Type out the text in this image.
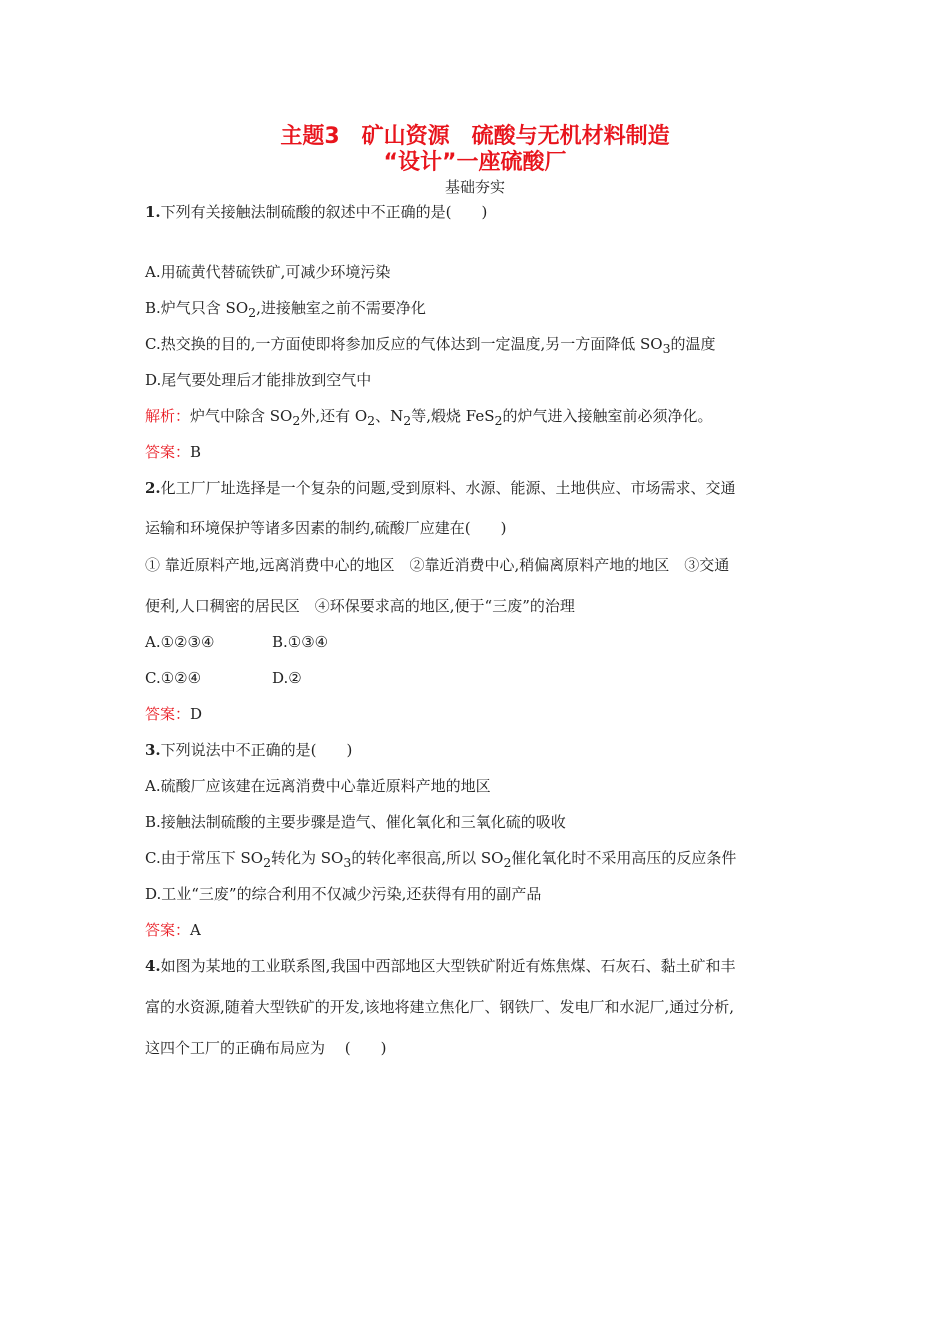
主题3　矿山资源　硫酸与无机材料制造
“设计”一座硫酸厂
基础夯实
1.下列有关接触法制硫酸的叙述中不正确的是(　　)
A.用硫黄代替硫铁矿,可减少环境污染
B.炉气只含 $SO_2$,进接触室之前不需要净化
C.热交换的目的,一方面使即将参加反应的气体达到一定温度,另一方面降低 $SO_3$的温度
D.尾气要处理后才能排放到空气中
解析：炉气中除含 $SO_2$外,还有 $O_2$、$N_2$等,煅烧 FeS$_2$的炉气进入接触室前必须净化。
答案：B
2.化工厂厂址选择是一个复杂的问题,受到原料、水源、能源、土地供应、市场需求、交通
运输和环境保护等诸多因素的制约,硫酸厂应建在(　　)
① 靠近原料产地,远离消费中心的地区　②靠近消费中心,稍偏离原料产地的地区　③交通
便利,人口稠密的居民区　④环保要求高的地区,便于“三废”的治理
A.①②③④	B.①③④
C.①②④	D.②
答案：D
3.下列说法中不正确的是(　　)
A.硫酸厂应该建在远离消费中心靠近原料产地的地区
B.接触法制硫酸的主要步骤是造气、催化氧化和三氧化硫的吸收
C.由于常压下 $SO_2$转化为 $SO_3$的转化率很高,所以 $SO_2$催化氧化时不采用高压的反应条件
D.工业“三废”的综合利用不仅减少污染,还获得有用的副产品
答案：A
4.如图为某地的工业联系图,我国中西部地区大型铁矿附近有炼焦煤、石灰石、黏土矿和丰
富的水资源,随着大型铁矿的开发,该地将建立焦化厂、钢铁厂、发电厂和水泥厂,通过分析,
这四个工厂的正确布局应为　 (　　)
